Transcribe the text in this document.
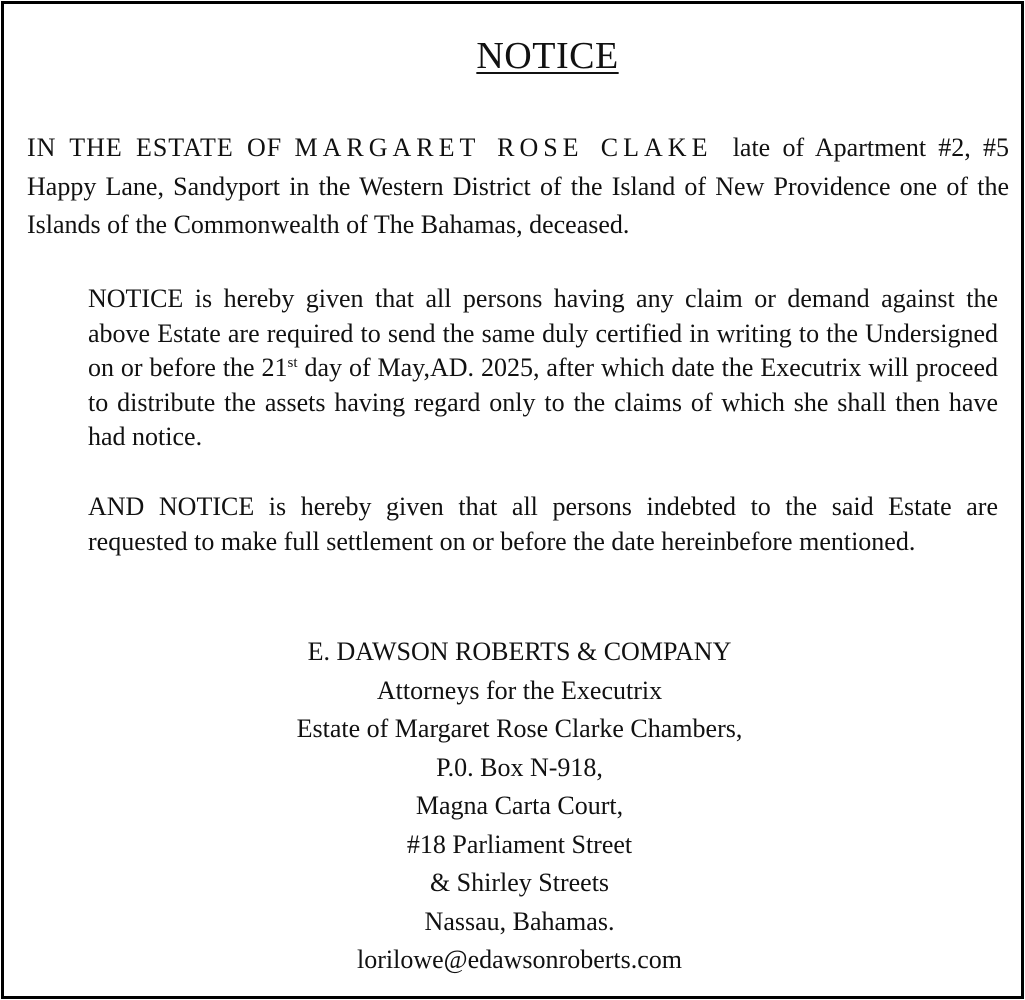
NOTICE
IN THE ESTATE OF MARGARET ROSE CLAKE late of Apartment #2, #5 Happy Lane, Sandyport in the Western District of the Island of New Providence one of the Islands of the Commonwealth of The Bahamas, deceased.
NOTICE is hereby given that all persons having any claim or demand against the above Estate are required to send the same duly certified in writing to the Undersigned on or before the 21st day of May,AD. 2025, after which date the Executrix will proceed to distribute the assets having regard only to the claims of which she shall then have had notice.
AND NOTICE is hereby given that all persons indebted to the said Estate are requested to make full settlement on or before the date hereinbefore mentioned.
E. DAWSON ROBERTS & COMPANY
Attorneys for the Executrix
Estate of Margaret Rose Clarke Chambers,
P.0. Box N-918,
Magna Carta Court,
#18 Parliament Street
& Shirley Streets
Nassau, Bahamas.
lorilowe@edawsonroberts.com
